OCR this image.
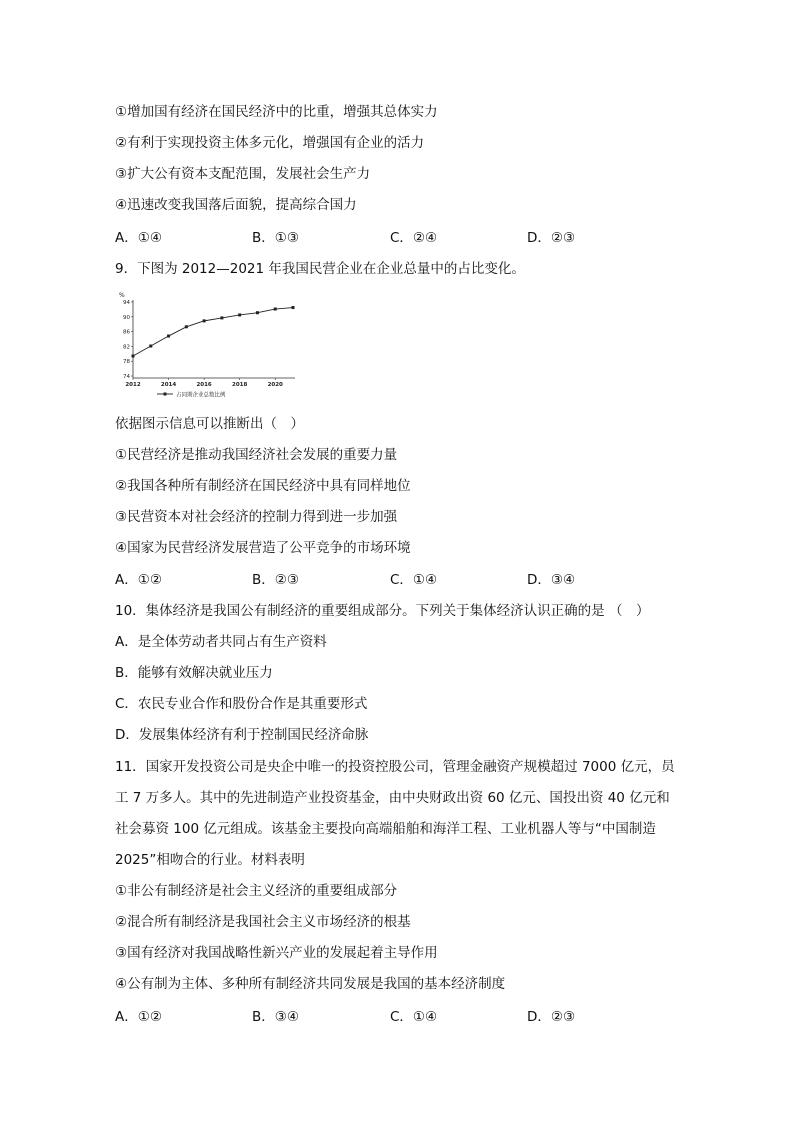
①增加国有经济在国民经济中的比重，增强其总体实力
②有利于实现投资主体多元化，增强国有企业的活力
③扩大公有资本支配范围，发展社会生产力
④迅速改变我国落后面貌，提高综合国力
A．①④	B．①③	C．②④	D．②③
9．下图为 2012—2021 年我国民营企业在企业总量中的占比变化。
%
74
78
82
86
90
94
2012	2014	2016	2018	2020
占同期企业总数比例
依据图示信息可以推断出（　）
①民营经济是推动我国经济社会发展的重要力量
②我国各种所有制经济在国民经济中具有同样地位
③民营资本对社会经济的控制力得到进一步加强
④国家为民营经济发展营造了公平竞争的市场环境
A．①②	B．②③	C．①④	D．③④
10．集体经济是我国公有制经济的重要组成部分。下列关于集体经济认识正确的是 （　）
A．是全体劳动者共同占有生产资料
B．能够有效解决就业压力
C．农民专业合作和股份合作是其重要形式
D．发展集体经济有利于控制国民经济命脉
11．国家开发投资公司是央企中唯一的投资控股公司，管理金融资产规模超过 7000 亿元，员
工 7 万多人。其中的先进制造产业投资基金，由中央财政出资 60 亿元、国投出资 40 亿元和
社会募资 100 亿元组成。该基金主要投向高端船舶和海洋工程、工业机器人等与“中国制造
2025”相吻合的行业。材料表明
①非公有制经济是社会主义经济的重要组成部分
②混合所有制经济是我国社会主义市场经济的根基
③国有经济对我国战略性新兴产业的发展起着主导作用
④公有制为主体、多种所有制经济共同发展是我国的基本经济制度
A．①②	B．③④	C．①④	D．②③
